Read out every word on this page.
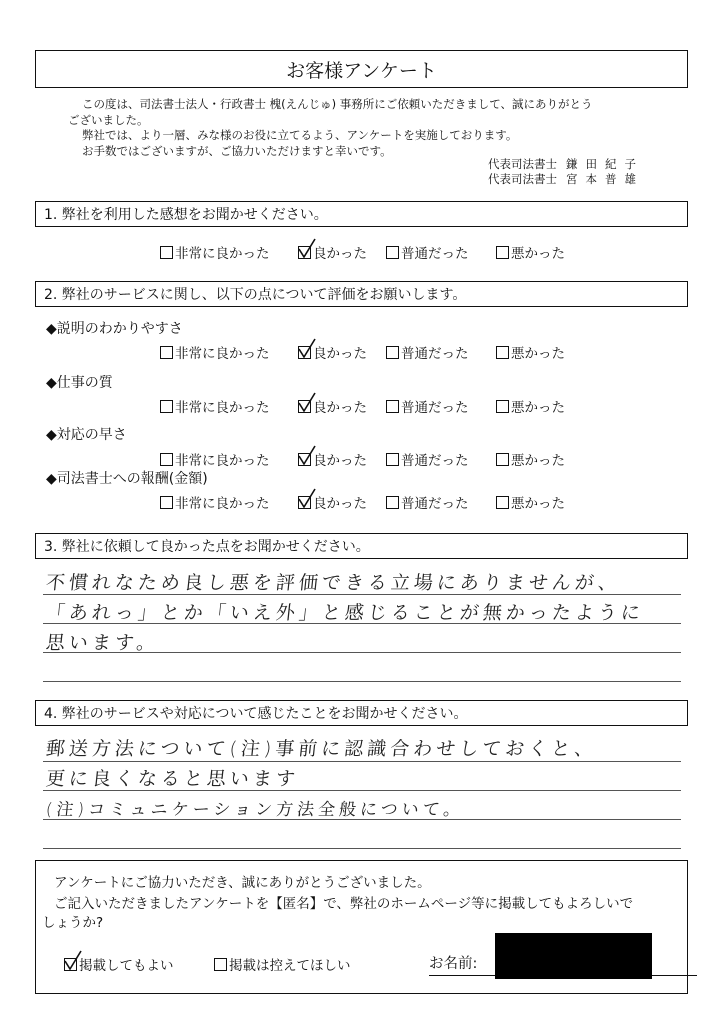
お客様アンケート

この度は、司法書士法人・行政書士 槐(えんじゅ) 事務所にご依頼いただきまして、誠にありがとう

ございました。

弊社では、より一層、みな様のお役に立てるよう、アンケートを実施しております。

お手数ではございますが、ご協力いただけますと幸いです。

代表司法書士 鎌田紀子
代表司法書士 宮本普雄
1. 弊社を利用した感想をお聞かせください。
非常に良かった	良かった	普通だった	悪かった
2. 弊社のサービスに関し、以下の点について評価をお願いします。
◆説明のわかりやすさ
非常に良かった	良かった	普通だった	悪かった
◆仕事の質
非常に良かった	良かった	普通だった	悪かった
◆対応の早さ
非常に良かった	良かった	普通だった	悪かった
◆司法書士への報酬(金額)
非常に良かった	良かった	普通だった	悪かった
3. 弊社に依頼して良かった点をお聞かせください。
不慣れなため良し悪を評価できる立場にありませんが、
「あれっ」とか「いえ外」と感じることが無かったように
思います。
4. 弊社のサービスや対応について感じたことをお聞かせください。
郵送方法について(注)事前に認識合わせしておくと、
更に良くなると思います
(注)コミュニケーション方法全般について。
アンケートにご協力いただき、誠にありがとうございました。
ご記入いただきましたアンケートを【匿名】で、弊社のホームページ等に掲載してもよろしいで
しょうか?
掲載してもよい	掲載は控えてほしい	お名前:
